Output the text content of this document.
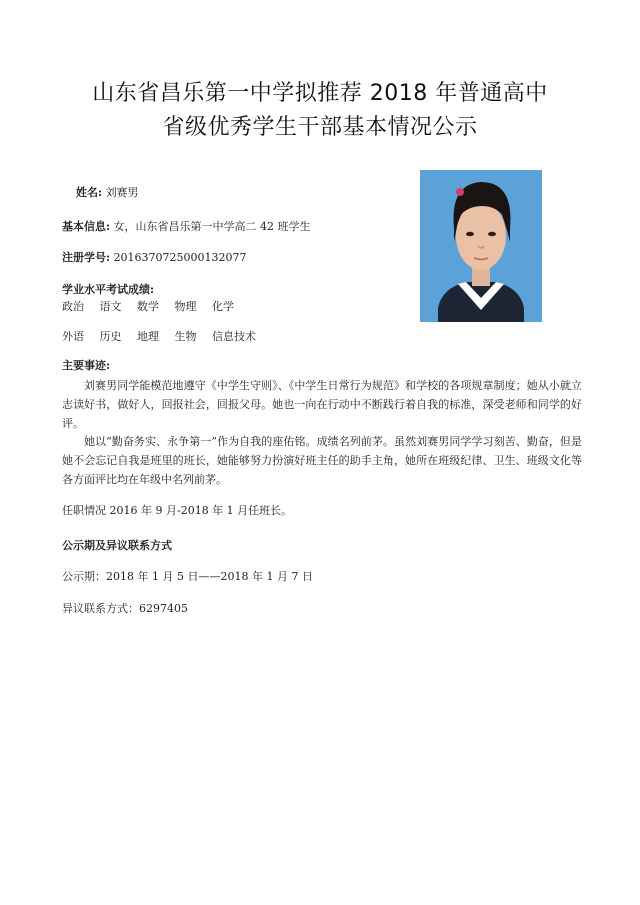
山东省昌乐第一中学拟推荐 2018 年普通高中
省级优秀学生干部基本情况公示
姓名: 刘赛男
基本信息: 女，山东省昌乐第一中学高二 42 班学生
注册学号: 2016370725000132077
学业水平考试成绩:
政治 语文 数学 物理 化学
外语 历史 地理 生物 信息技术
主要事迹:
刘赛男同学能模范地遵守《中学生守则》、《中学生日常行为规范》和学校的各项规章制度；她从小就立志读好书，做好人，回报社会，回报父母。她也一向在行动中不断践行着自我的标准，深受老师和同学的好评。
她以“勤奋务实、永争第一”作为自我的座佑铭。成绩名列前茅。虽然刘赛男同学学习刻苦、勤奋，但是她不会忘记自我是班里的班长，她能够努力扮演好班主任的助手主角，她所在班级纪律、卫生、班级文化等各方面评比均在年级中名列前茅。
任职情况 2016 年 9 月-2018 年 1 月任班长。
公示期及异议联系方式
公示期：2018 年 1 月 5 日——2018 年 1 月 7 日
异议联系方式：6297405
